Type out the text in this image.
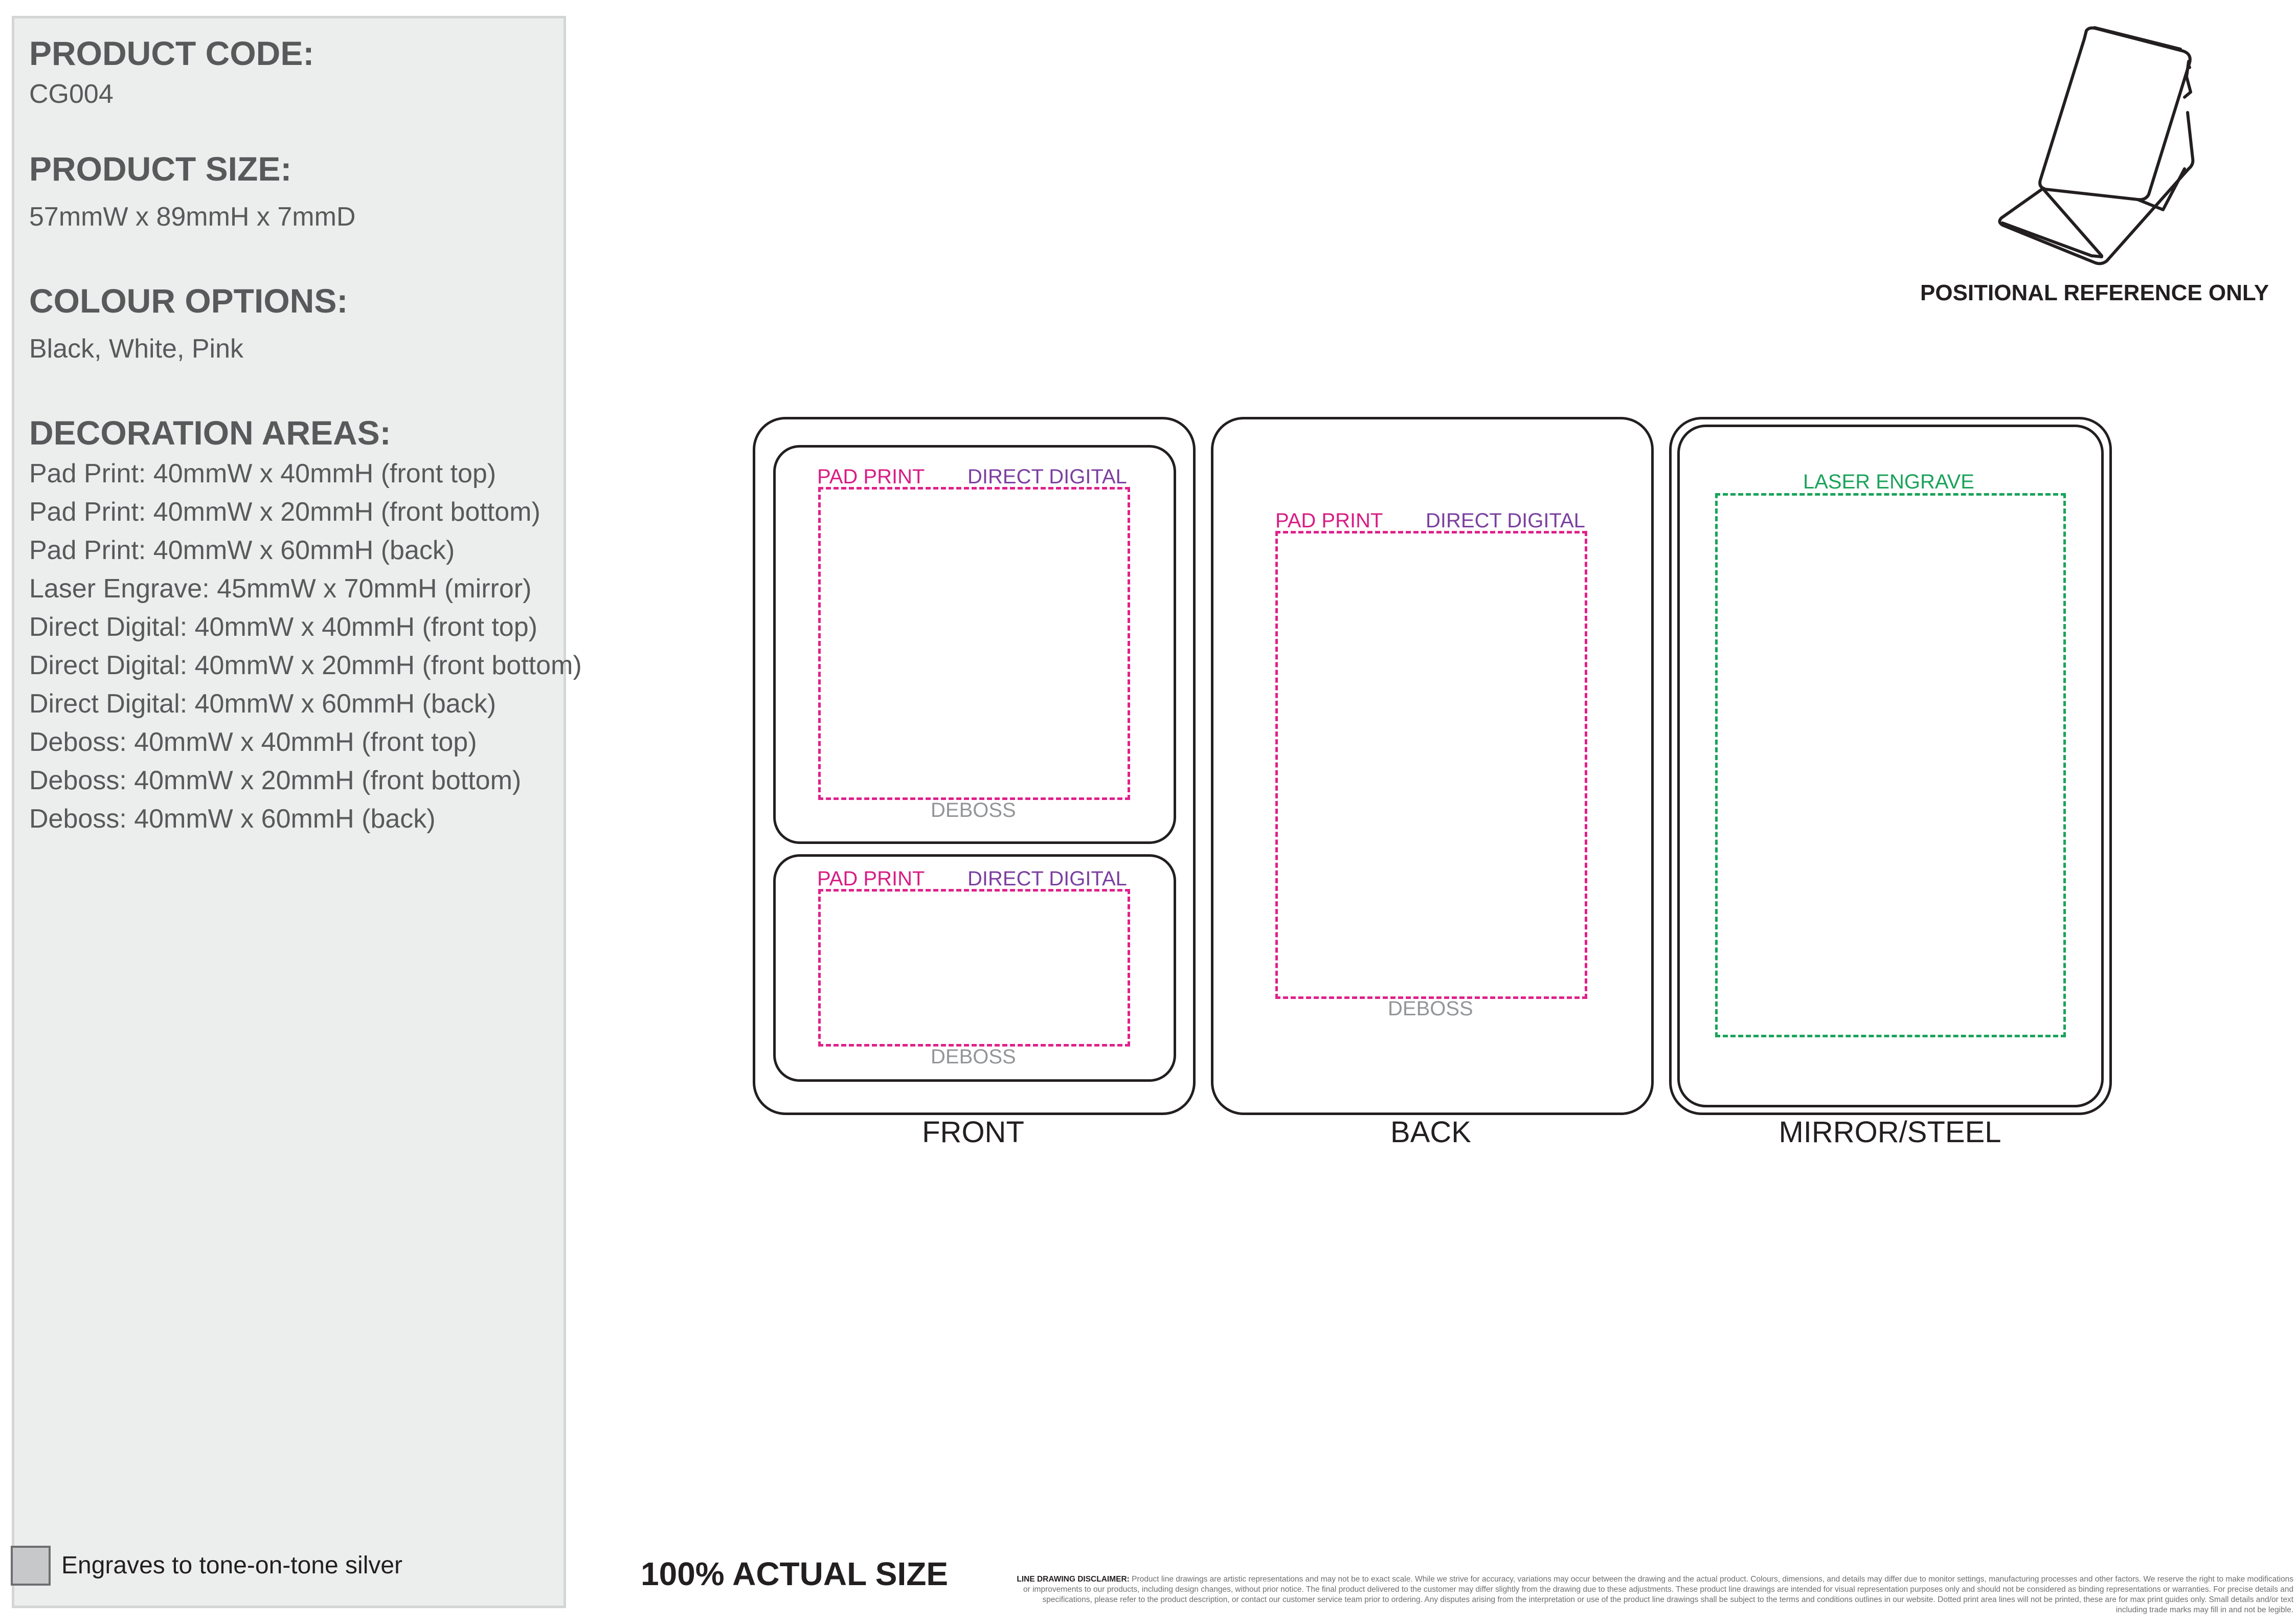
PRODUCT CODE:
CG004
PRODUCT SIZE:
57mmW x 89mmH x 7mmD
COLOUR OPTIONS:
Black, White, Pink
DECORATION AREAS:
Pad Print: 40mmW x 40mmH (front top)
Pad Print: 40mmW x 20mmH (front bottom)
Pad Print: 40mmW x 60mmH (back)
Laser Engrave: 45mmW x 70mmH (mirror)
Direct Digital: 40mmW x 40mmH (front top)
Direct Digital: 40mmW x 20mmH (front bottom)
Direct Digital: 40mmW x 60mmH (back)
Deboss: 40mmW x 40mmH (front top)
Deboss: 40mmW x 20mmH (front bottom)
Deboss: 40mmW x 60mmH (back)
Engraves to tone-on-tone silver
POSITIONAL REFERENCE ONLY
PAD PRINT DIRECT DIGITAL
DEBOSS
PAD PRINT DIRECT DIGITAL
DEBOSS
FRONT
PAD PRINT DIRECT DIGITAL
DEBOSS
BACK
LASER ENGRAVE
MIRROR/STEEL
100% ACTUAL SIZE	LINE DRAWING DISCLAIMER: Product line drawings are artistic representations and may not be to exact scale. While we strive for accuracy, variations may occur between the drawing and the actual product. Colours, dimensions, and details may differ due to monitor settings, manufacturing processes and other factors. We reserve the right to make modifications or improvements to our products, including design changes, without prior notice. The final product delivered to the customer may differ slightly from the drawing due to these adjustments. These product line drawings are intended for visual representation purposes only and should not be considered as binding representations or warranties. For precise details and specifications, please refer to the product description, or contact our customer service team prior to ordering. Any disputes arising from the interpretation or use of the product line drawings shall be subject to the terms and conditions outlines in our website. Dotted print area lines will not be printed, these are for max print guides only. Small details and/or text including trade marks may fill in and not be legible.
